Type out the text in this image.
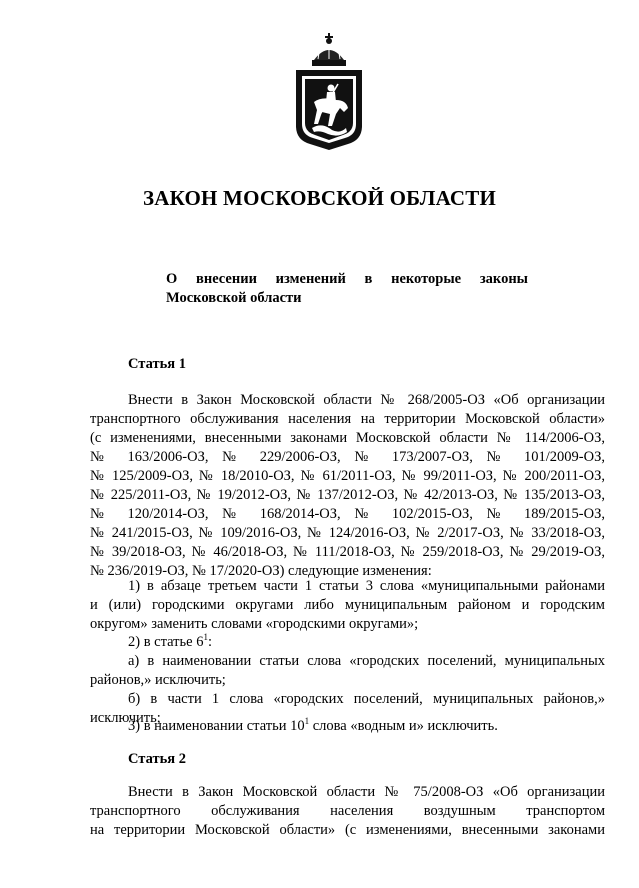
ЗАКОН МОСКОВСКОЙ ОБЛАСТИ
О внесении изменений в некоторые законы
Московской области
Статья 1
Внести в Закон Московской области № 268/2005-ОЗ «Об организации
транспортного обслуживания населения на территории Московской области»
(с изменениями, внесенными законами Московской области № 114/2006-ОЗ,
№ 163/2006-ОЗ, № 229/2006-ОЗ, № 173/2007-ОЗ, № 101/2009-ОЗ,
№ 125/2009-ОЗ, № 18/2010-ОЗ, № 61/2011-ОЗ, № 99/2011-ОЗ, № 200/2011-ОЗ,
№ 225/2011-ОЗ, № 19/2012-ОЗ, № 137/2012-ОЗ, № 42/2013-ОЗ, № 135/2013-ОЗ,
№ 120/2014-ОЗ, № 168/2014-ОЗ, № 102/2015-ОЗ, № 189/2015-ОЗ,
№ 241/2015-ОЗ, № 109/2016-ОЗ, № 124/2016-ОЗ, № 2/2017-ОЗ, № 33/2018-ОЗ,
№ 39/2018-ОЗ, № 46/2018-ОЗ, № 111/2018-ОЗ, № 259/2018-ОЗ, № 29/2019-ОЗ,
№ 236/2019-ОЗ, № 17/2020-ОЗ) следующие изменения:
1) в абзаце третьем части 1 статьи 3 слова «муниципальными районами
и (или) городскими округами либо муниципальным районом и городским
округом» заменить словами «городскими округами»;
2) в статье $6^1$:
а) в наименовании статьи слова «городских поселений, муниципальных
районов,» исключить;
б) в части 1 слова «городских поселений, муниципальных районов,»
исключить;
3) в наименовании статьи $10^1$ слова «водным и» исключить.
Статья 2
Внести в Закон Московской области № 75/2008-ОЗ «Об организации
транспортного обслуживания населения воздушным транспортом
на территории Московской области» (с изменениями, внесенными законами
